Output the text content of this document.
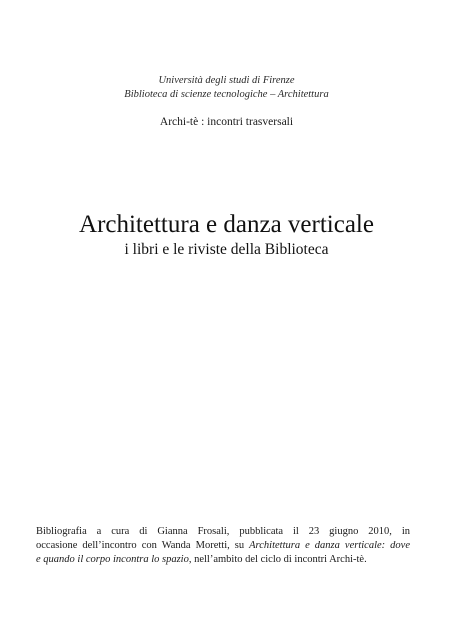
Università degli studi di Firenze
Biblioteca di scienze tecnologiche – Architettura
Archi-tè : incontri trasversali
Architettura e danza verticale
i libri e le riviste della Biblioteca
Bibliografia a cura di Gianna Frosali, pubblicata il 23 giugno 2010, in
occasione dell’incontro con Wanda Moretti, su Architettura e danza verticale: dove
e quando il corpo incontra lo spazio, nell’ambito del ciclo di incontri Archi-tè.
